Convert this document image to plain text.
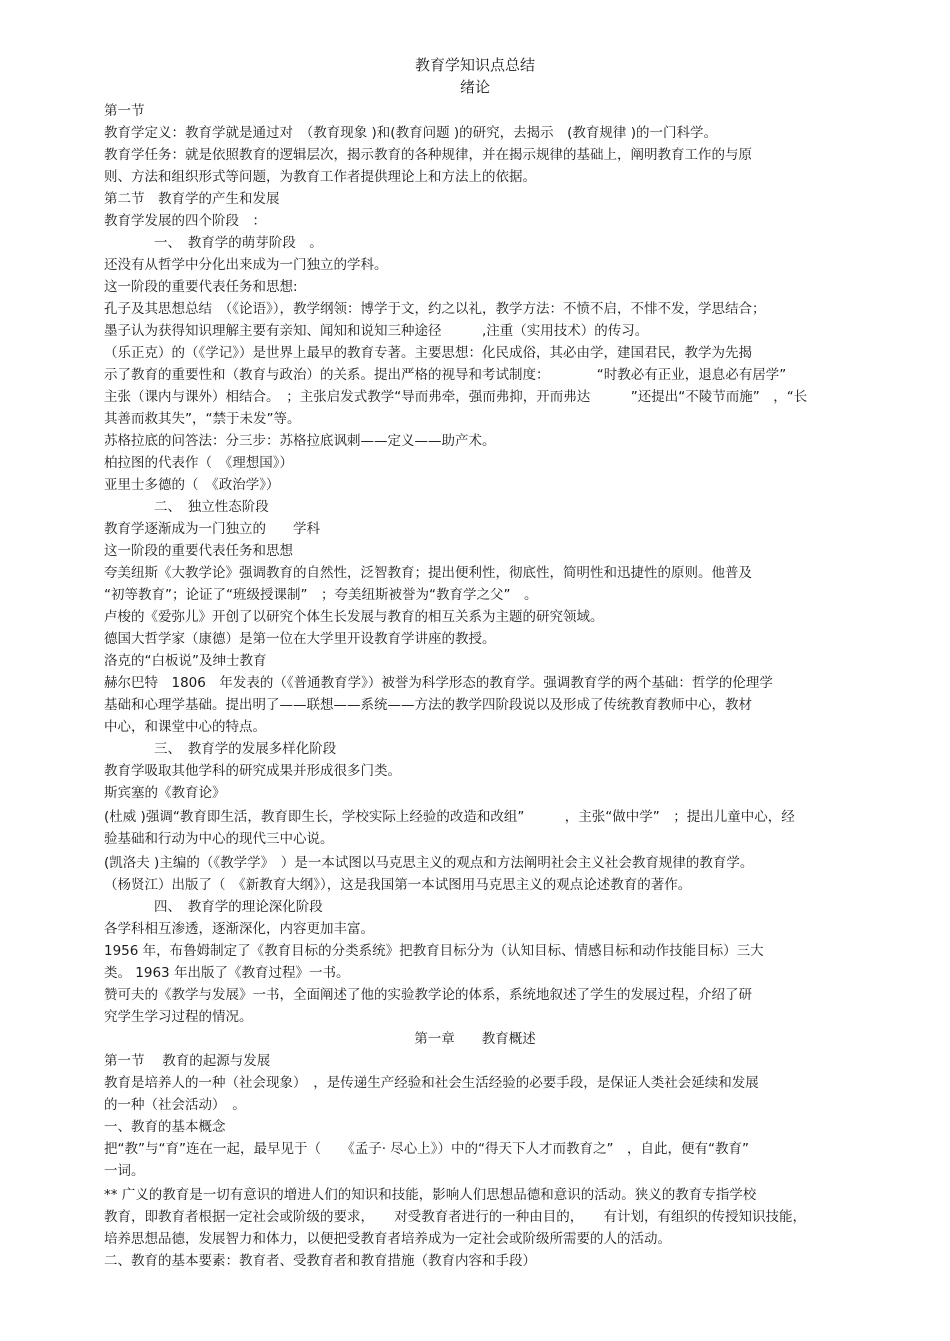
教育学知识点总结

绪论

第一节

教育学定义：教育学就是通过对　（教育现象 )和(教育问题 )的研究，去揭示　(教育规律 )的一门科学。

教育学任务：就是依照教育的逻辑层次，揭示教育的各种规律，并在揭示规律的基础上，阐明教育工作的与原

则、方法和组织形式等问题，为教育工作者提供理论上和方法上的依据。

第二节　教育学的产生和发展

教育学发展的四个阶段　：

一、　教育学的萌芽阶段　。

还没有从哲学中分化出来成为一门独立的学科。

这一阶段的重要代表任务和思想:

孔子及其思想总结　（《论语》），教学纲领：博学于文，约之以礼，教学方法：不愤不启，不悱不发，学思结合；

墨子认为获得知识理解主要有亲知、闻知和说知三种途径　　　,注重（实用技术）的传习。

（乐正克）的（《学记》）是世界上最早的教育专著。主要思想：化民成俗，其必由学，建国君民，教学为先揭

示了教育的重要性和（教育与政治）的关系。提出严格的视导和考试制度：　　　　“时教必有正业，退息必有居学”

主张（课内与课外）相结合。　；主张启发式教学“导而弗牵，强而弗抑，开而弗达　　　”还提出“不陵节而施”　，“长

其善而救其失”，“禁于未发”等。

苏格拉底的问答法：分三步：苏格拉底讽刺——定义——助产术。

柏拉图的代表作（　《理想国》）

亚里士多德的（　《政治学》）

二、　独立性态阶段

教育学逐渐成为一门独立的　　学科

这一阶段的重要代表任务和思想

夸美纽斯《大教学论》强调教育的自然性，泛智教育；提出便利性，彻底性，简明性和迅捷性的原则。他普及

“初等教育”；论证了“班级授课制”　；夸美纽斯被誉为“教育学之父”　。

卢梭的《爱弥儿》开创了以研究个体生长发展与教育的相互关系为主题的研究领域。

德国大哲学家（康德）是第一位在大学里开设教育学讲座的教授。

洛克的“白板说”及绅士教育

赫尔巴特　1806　年发表的（《普通教育学》）被誉为科学形态的教育学。强调教育学的两个基础：哲学的伦理学

基础和心理学基础。提出明了——联想——系统——方法的教学四阶段说以及形成了传统教育教师中心，教材

中心，和课堂中心的特点。

三、　教育学的发展多样化阶段

教育学吸取其他学科的研究成果并形成很多门类。

斯宾塞的《教育论》

(杜威 )强调“教育即生活，教育即生长，学校实际上经验的改造和改组”　　　，主张“做中学”　；提出儿童中心，经

验基础和行动为中心的现代三中心说。

(凯洛夫 )主编的（《教学学》　）是一本试图以马克思主义的观点和方法阐明社会主义社会教育规律的教育学。

（杨贤江）出版了（　《新教育大纲》），这是我国第一本试图用马克思主义的观点论述教育的著作。

四、　教育学的理论深化阶段

各学科相互渗透，逐渐深化，内容更加丰富。

1956 年，布鲁姆制定了《教育目标的分类系统》把教育目标分为（认知目标、情感目标和动作技能目标）三大

类。 1963 年出版了《教育过程》一书。

赞可夫的《教学与发展》一书，全面阐述了他的实验教学论的体系，系统地叙述了学生的发展过程，介绍了研

究学生学习过程的情况。

第一章　　教育概述

第一节　 教育的起源与发展

教育是培养人的一种（社会现象）　，是传递生产经验和社会生活经验的必要手段，是保证人类社会延续和发展

的一种（社会活动）　。

一、教育的基本概念

把“教”与“育”连在一起，最早见于（　　《孟子· 尽心上》）中的“得天下人才而教育之”　，自此，便有“教育”

一词。

** 广义的教育是一切有意识的增进人们的知识和技能，影响人们思想品德和意识的活动。狭义的教育专指学校

教育，即教育者根据一定社会或阶级的要求，　　对受教育者进行的一种由目的，　　有计划，有组织的传授知识技能，

培养思想品德，发展智力和体力，以便把受教育者培养成为一定社会或阶级所需要的人的活动。

二、教育的基本要素：教育者、受教育者和教育措施（教育内容和手段）
